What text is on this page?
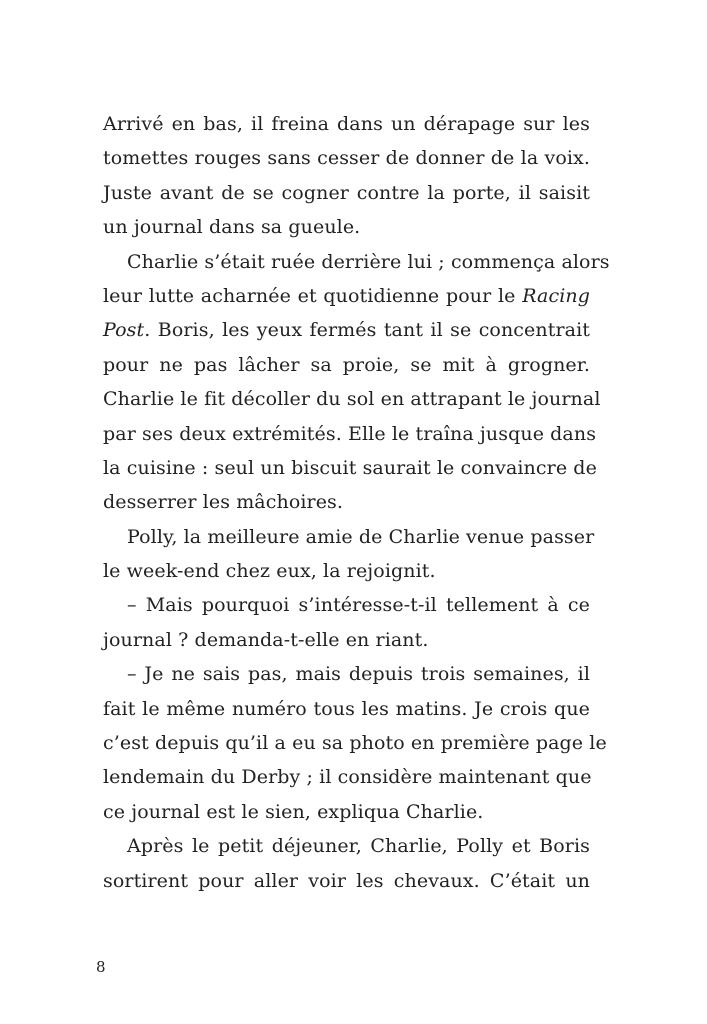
Arrivé en bas, il freina dans un dérapage sur les
tomettes rouges sans cesser de donner de la voix.
Juste avant de se cogner contre la porte, il saisit
un journal dans sa gueule.
Charlie s’était ruée derrière lui ; commença alors
leur lutte acharnée et quotidienne pour le Racing
Post. Boris, les yeux fermés tant il se concentrait
pour ne pas lâcher sa proie, se mit à grogner.
Charlie le fit décoller du sol en attrapant le journal
par ses deux extrémités. Elle le traîna jusque dans
la cuisine : seul un biscuit saurait le convaincre de
desserrer les mâchoires.
Polly, la meilleure amie de Charlie venue passer
le week-end chez eux, la rejoignit.
– Mais pourquoi s’intéresse-t-il tellement à ce
journal ? demanda-t-elle en riant.
– Je ne sais pas, mais depuis trois semaines, il
fait le même numéro tous les matins. Je crois que
c’est depuis qu’il a eu sa photo en première page le
lendemain du Derby ; il considère maintenant que
ce journal est le sien, expliqua Charlie.
Après le petit déjeuner, Charlie, Polly et Boris
sortirent pour aller voir les chevaux. C’était un
8
